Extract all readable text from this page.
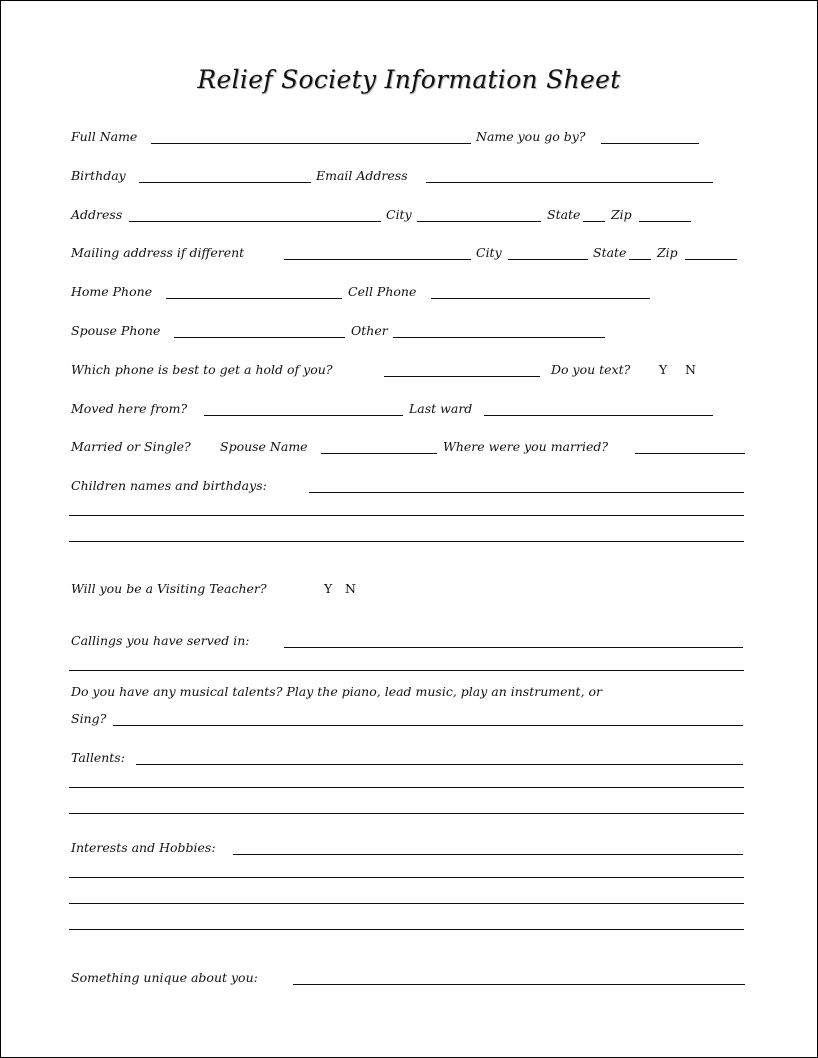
Relief Society Information Sheet
Full Name	Name you go by?
Birthday	Email Address
Address	City	State Zip
Mailing address if different	City	State Zip
Home Phone	Cell Phone
Spouse Phone	Other
Which phone is best to get a hold of you?	Do you text? Y N
Moved here from?	Last ward
Married or Single? Spouse Name	Where were you married?
Children names and birthdays:
Will you be a Visiting Teacher?	Y N
Callings you have served in:
Do you have any musical talents? Play the piano, lead music, play an instrument, or
Sing?
Tallents:
Interests and Hobbies:
Something unique about you:
